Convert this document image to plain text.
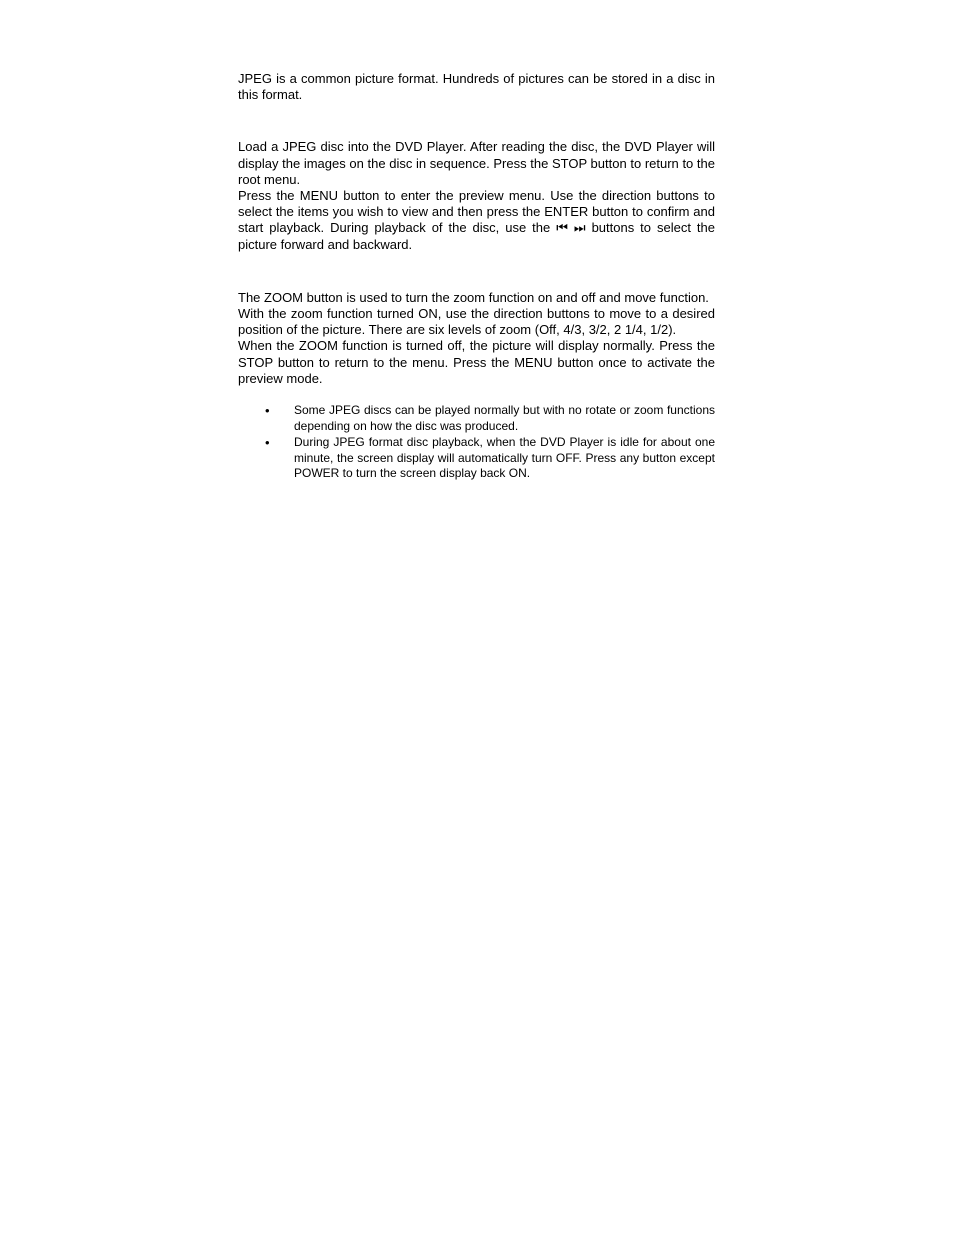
JPEG is a common picture format. Hundreds of pictures can be stored in a disc in this format.

Load a JPEG disc into the DVD Player. After reading the disc, the DVD Player will display the images on the disc in sequence. Press the STOP button to return to the root menu.

Press the MENU button to enter the preview menu. Use the direction buttons to select the items you wish to view and then press the ENTER button to confirm and start playback. During playback of the disc, use the ⏮ ⏭ buttons to select the picture forward and backward.

The ZOOM button is used to turn the zoom function on and off and move function.

With the zoom function turned ON, use the direction buttons to move to a desired position of the picture. There are six levels of zoom (Off, 4/3, 3/2, 2 1/4, 1/2).

When the ZOOM function is turned off, the picture will display normally. Press the STOP button to return to the menu. Press the MENU button once to activate the preview mode.

• Some JPEG discs can be played normally but with no rotate or zoom functions depending on how the disc was produced.
• During JPEG format disc playback, when the DVD Player is idle for about one minute, the screen display will automatically turn OFF. Press any button except POWER to turn the screen display back ON.
